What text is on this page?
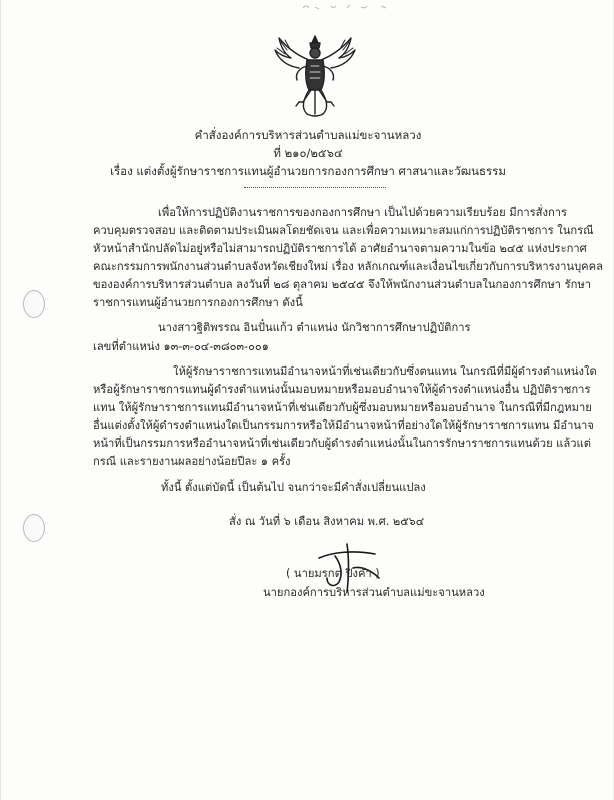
คำสั่งองค์การบริหารส่วนตำบลแม่ขะจานหลวง
ที่ ๒๑๐/๒๕๖๔
เรื่อง แต่งตั้งผู้รักษาราชการแทนผู้อำนวยการกองการศึกษา ศาสนาและวัฒนธรรม
เพื่อให้การปฏิบัติงานราชการของกองการศึกษา เป็นไปด้วยความเรียบร้อย มีการสั่งการ
ควบคุมตรวจสอบ และติดตามประเมินผลโดยชัดเจน และเพื่อความเหมาะสมแก่การปฏิบัติราชการ ในกรณี
หัวหน้าสำนักปลัดไม่อยู่หรือไม่สามารถปฏิบัติราชการได้ อาศัยอำนาจตามความในข้อ ๒๔๕ แห่งประกาศ
คณะกรรมการพนักงานส่วนตำบลจังหวัดเชียงใหม่ เรื่อง หลักเกณฑ์และเงื่อนไขเกี่ยวกับการบริหารงานบุคคล
ขององค์การบริหารส่วนตำบล ลงวันที่ ๒๘ ตุลาคม ๒๕๔๕ จึงให้พนักงานส่วนตำบลในกองการศึกษา รักษา
ราชการแทนผู้อำนวยการกองการศึกษา ดังนี้
นางสาวฐิติพรรณ อินปั๋นแก้ว ตำแหน่ง นักวิชาการศึกษาปฏิบัติการ
เลขที่ตำแหน่ง ๑๓-๓-๐๔-๓๘๐๓-๐๐๑
ให้ผู้รักษาราชการแทนมีอำนาจหน้าที่เช่นเดียวกับซึ่งตนแทน ในกรณีที่มีผู้ดำรงตำแหน่งใด
หรือผู้รักษาราชการแทนผู้ดำรงตำแหน่งนั้นมอบหมายหรือมอบอำนาจให้ผู้ดำรงตำแหน่งอื่น ปฏิบัติราชการ
แทน ให้ผู้รักษาราชการแทนมีอำนาจหน้าที่เช่นเดียวกับผู้ซึ่งมอบหมายหรือมอบอำนาจ ในกรณีที่มีกฎหมาย
อื่นแต่งตั้งให้ผู้ดำรงตำแหน่งใดเป็นกรรมการหรือให้มีอำนาจหน้าที่อย่างใดให้ผู้รักษาราชการแทน มีอำนาจ
หน้าที่เป็นกรรมการหรืออำนาจหน้าที่เช่นเดียวกับผู้ดำรงตำแหน่งนั้นในการรักษาราชการแทนด้วย แล้วแต่
กรณี และรายงานผลอย่างน้อยปีละ ๑ ครั้ง
ทั้งนี้ ตั้งแต่บัดนี้ เป็นต้นไป จนกว่าจะมีคำสั่งเปลี่ยนแปลง
สั่ง ณ วันที่ ๖ เดือน สิงหาคม พ.ศ. ๒๕๖๔
( นายมรกต ปิงคำ )
นายกองค์การบริหารส่วนตำบลแม่ขะจานหลวง
